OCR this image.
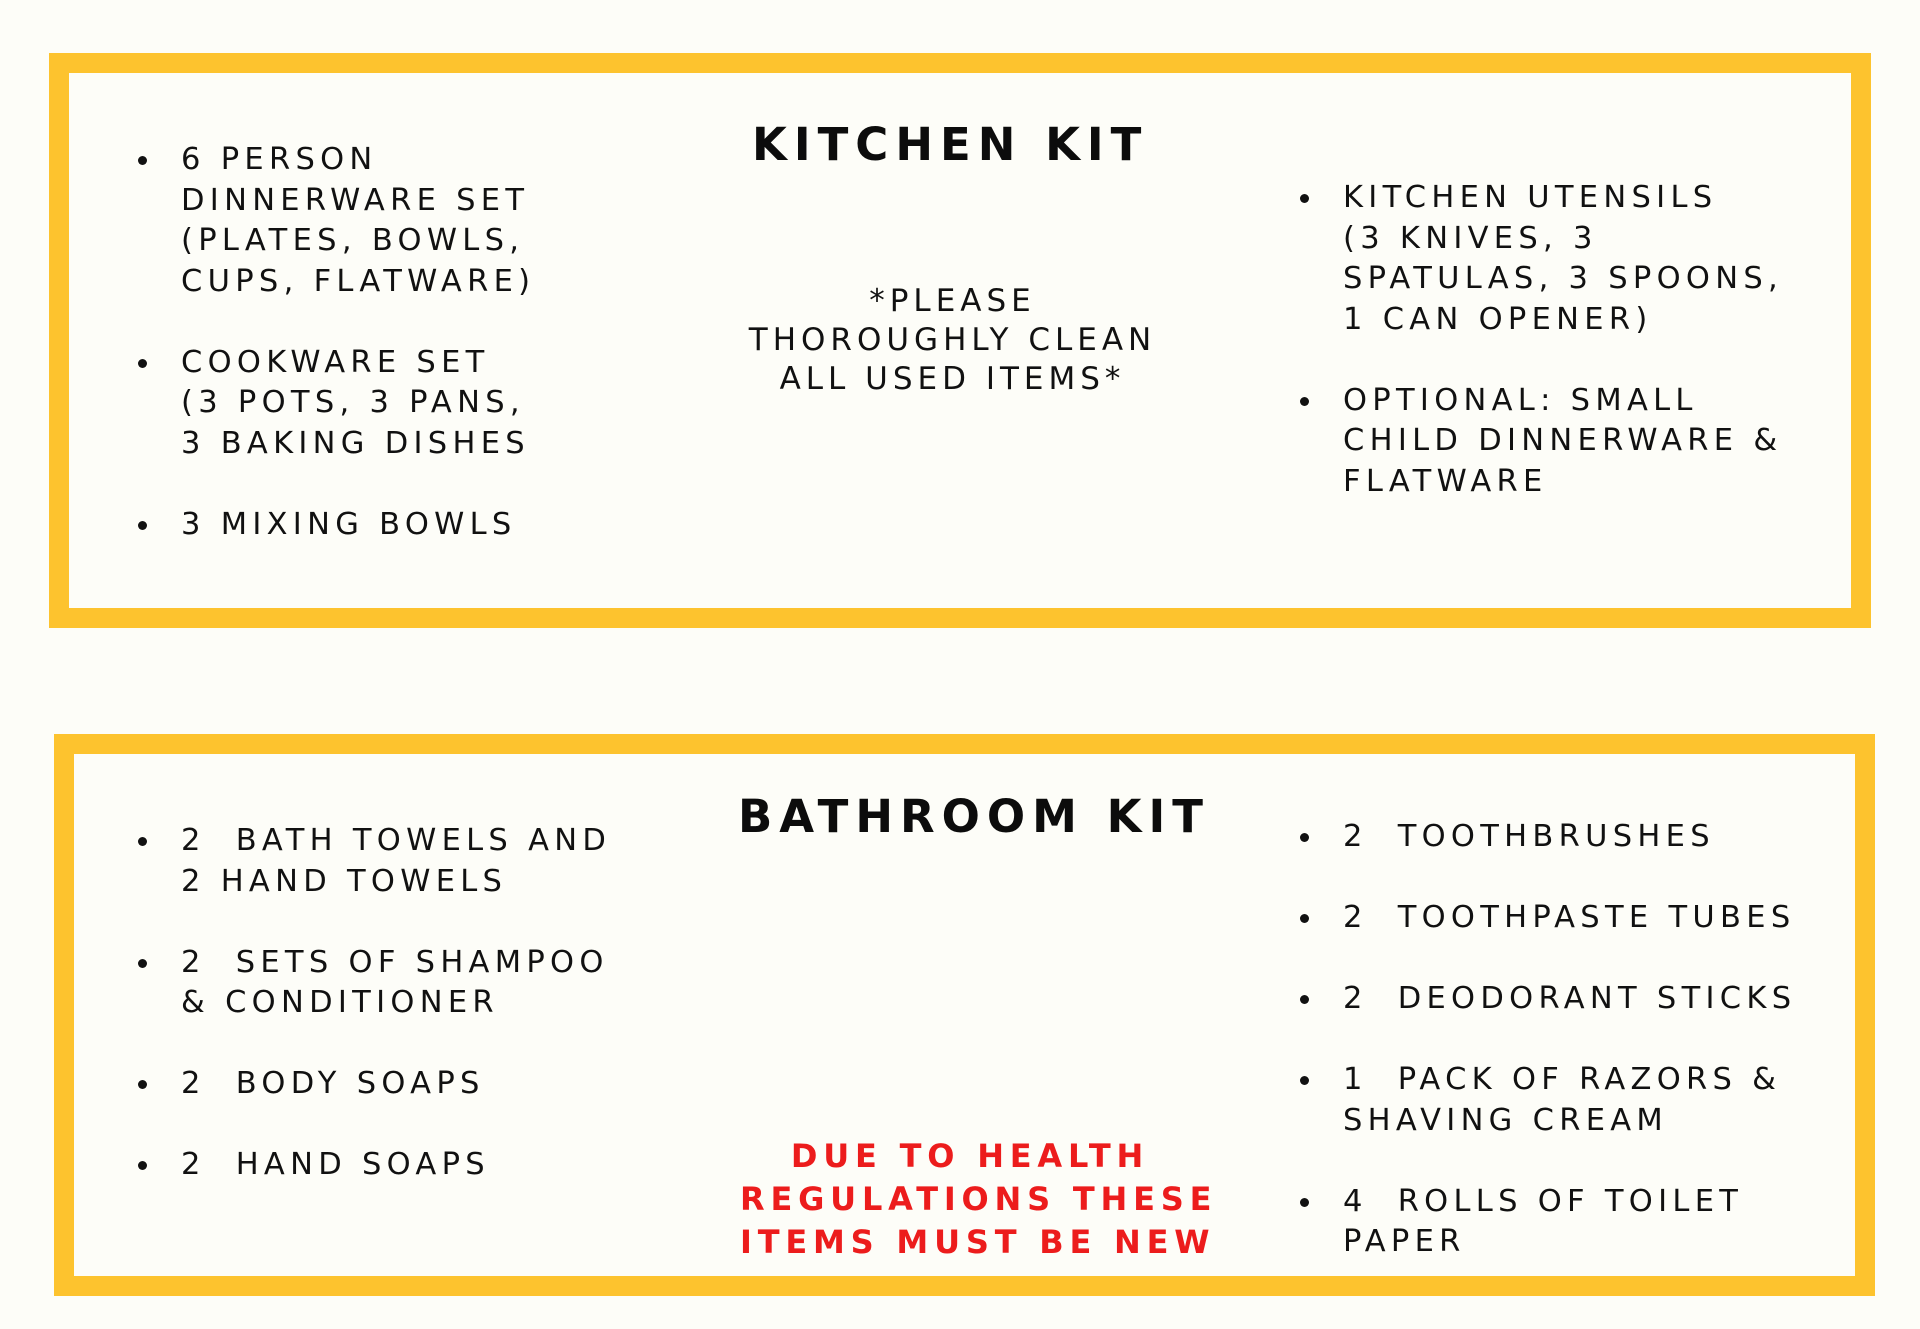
KITCHEN KIT
6 PERSON
DINNERWARE SET
(PLATES, BOWLS,
CUPS, FLATWARE)
COOKWARE SET
(3 POTS, 3 PANS,
3 BAKING DISHES
3 MIXING BOWLS
*PLEASE
THOROUGHLY CLEAN
ALL USED ITEMS*
KITCHEN UTENSILS
(3 KNIVES, 3
SPATULAS, 3 SPOONS,
1 CAN OPENER)
OPTIONAL: SMALL
CHILD DINNERWARE &
FLATWARE
BATHROOM KIT
2  BATH TOWELS AND
2 HAND TOWELS
2  SETS OF SHAMPOO
& CONDITIONER
2  BODY SOAPS
2  HAND SOAPS	DUE TO HEALTH
REGULATIONS THESE
ITEMS MUST BE NEW
2  TOOTHBRUSHES
2  TOOTHPASTE TUBES
2  DEODORANT STICKS
1  PACK OF RAZORS &
SHAVING CREAM
4  ROLLS OF TOILET
PAPER
